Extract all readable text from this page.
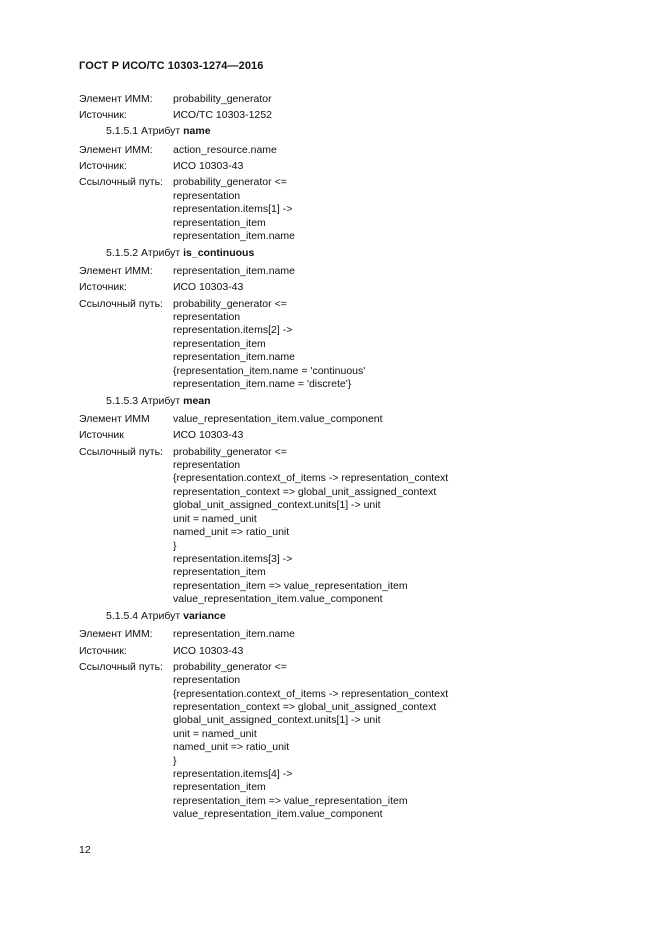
ГОСТ Р ИСО/ТС 10303-1274—2016
Элемент ИММ:	probability_generator
Источник:	ИСО/ТС 10303-1252
5.1.5.1 Атрибут name
Элемент ИММ:	action_resource.name
Источник:	ИСО 10303-43
Ссылочный путь: probability_generator <=
representation
representation.items[1] ->
representation_item
representation_item.name
5.1.5.2 Атрибут is_continuous
Элемент ИММ:	representation_item.name
Источник:	ИСО 10303-43
Ссылочный путь: probability_generator <=
representation
representation.items[2] ->
representation_item
representation_item.name
{representation_item.name = 'continuous'
representation_item.name = 'discrete'}
5.1.5.3 Атрибут mean
Элемент ИММ	value_representation_item.value_component
Источник	ИСО 10303-43
Ссылочный путь: probability_generator <=
representation
{representation.context_of_items -> representation_context
representation_context => global_unit_assigned_context
global_unit_assigned_context.units[1] -> unit
unit = named_unit
named_unit => ratio_unit
}
representation.items[3] ->
representation_item
representation_item => value_representation_item
value_representation_item.value_component
5.1.5.4 Атрибут variance
Элемент ИММ:	representation_item.name
Источник:	ИСО 10303-43
Ссылочный путь: probability_generator <=
representation
{representation.context_of_items -> representation_context
representation_context => global_unit_assigned_context
global_unit_assigned_context.units[1] -> unit
unit = named_unit
named_unit => ratio_unit
}
representation.items[4] ->
representation_item
representation_item => value_representation_item
value_representation_item.value_component
12
